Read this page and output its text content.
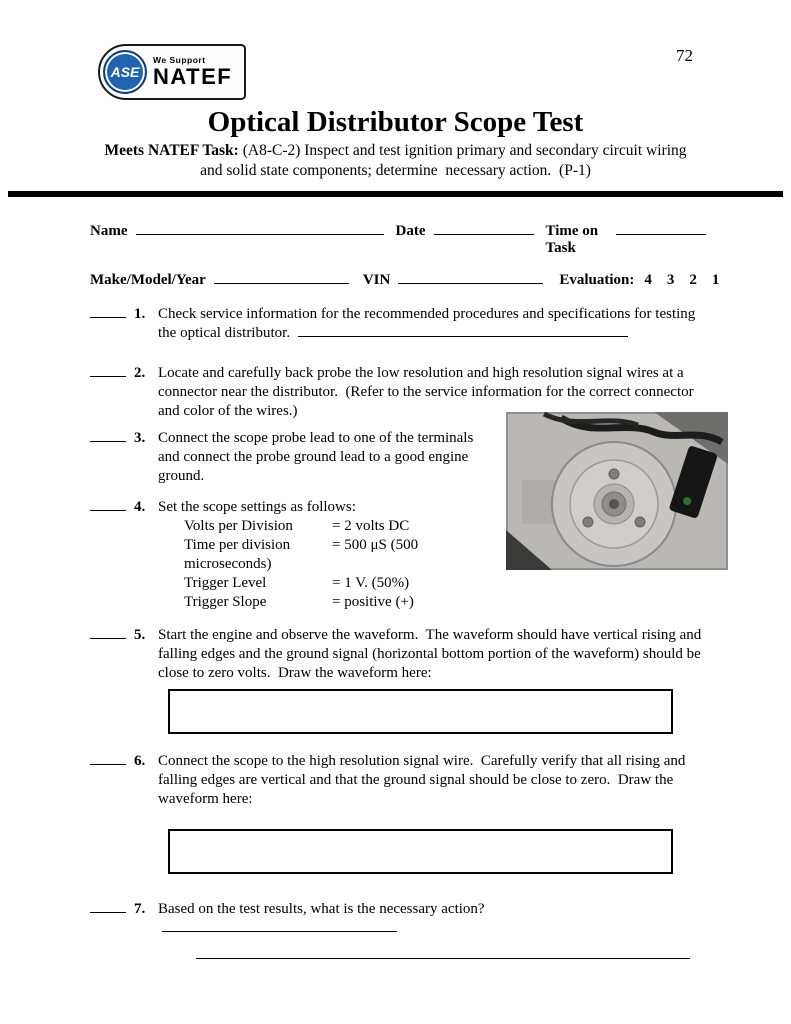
72
ASE
We Support
NATEF
Optical Distributor Scope Test
Meets NATEF Task: (A8-C-2) Inspect and test ignition primary and secondary circuit wiring
and solid state components; determine  necessary action.  (P-1)
Name	Date	Time on Task
Make/Model/Year	VIN	Evaluation: 4    3    2    1
1. Check service information for the recommended procedures and specifications for testing the optical distributor.
2. Locate and carefully back probe the low resolution and high resolution signal wires at a connector near the distributor.  (Refer to the service information for the correct connector and color of the wires.)
3. Connect the scope probe lead to one of the terminals and connect the probe ground lead to a good engine ground.
4. Set the scope settings as follows:
Volts per Division	= 2 volts DC
Time per division	= 500 μS (500 microseconds)
Trigger Level	= 1 V. (50%)
Trigger Slope	= positive (+)
5. Start the engine and observe the waveform.  The waveform should have vertical rising and falling edges and the ground signal (horizontal bottom portion of the waveform) should be close to zero volts.  Draw the waveform here:
6. Connect the scope to the high resolution signal wire.  Carefully verify that all rising and falling edges are vertical and that the ground signal should be close to zero.  Draw the waveform here:
7. Based on the test results, what is the necessary action?
